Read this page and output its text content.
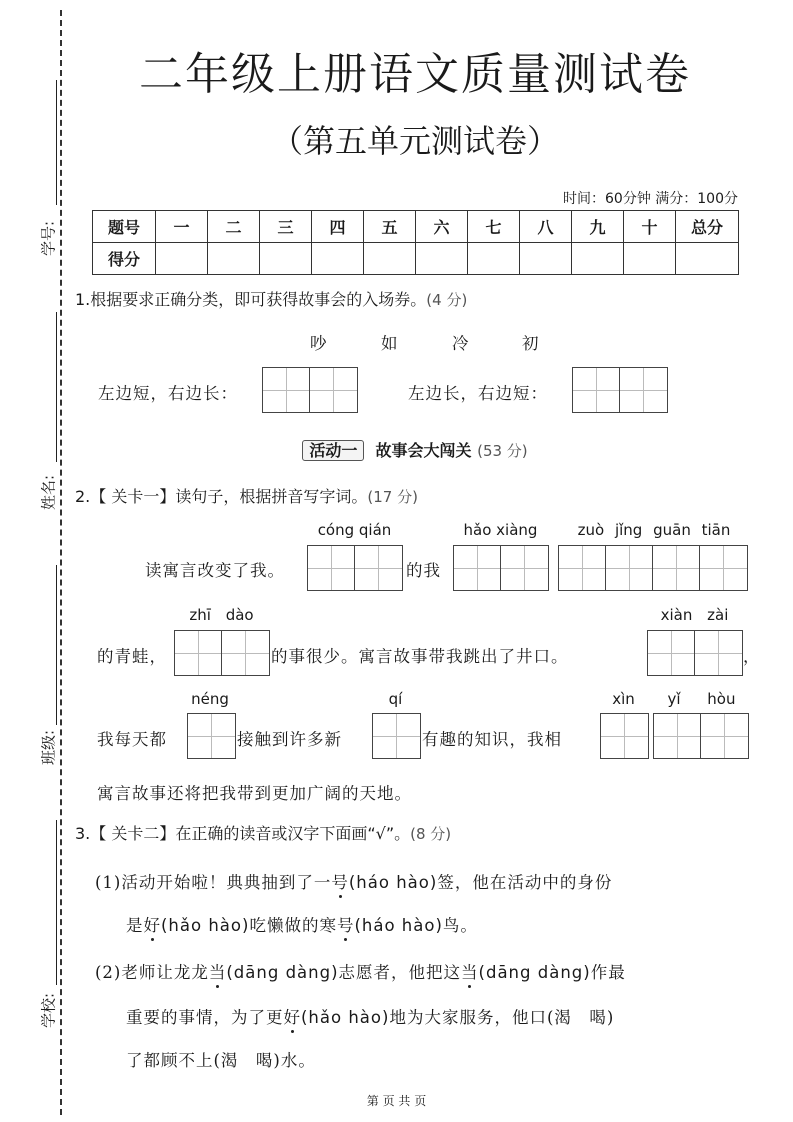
学号:
姓名:
班级:
学校:
二年级上册语文质量测试卷
（第五单元测试卷）
时间：60分钟 满分：100分
题号	一	二	三	四	五	六	七	八	九	十	总分
得分											
1.根据要求正确分类，即可获得故事会的入场券。(4 分)
吵	如	冷	初
左边短，右边长：	左边长，右边短：
活动一 故事会大闯关 (53 分)
2.【 关卡一】读句子，根据拼音写字词。(17 分)
cóng qián	hǎo xiàng	zuò jǐng guān tiān
读寓言改变了我。	的我
zhī dào	xiàn zài
的青蛙，	的事很少。寓言故事带我跳出了井口。	，
néng	qí	xìn	yǐ hòu
我每天都	接触到许多新	有趣的知识，我相
寓言故事还将把我带到更加广阔的天地。
3.【 关卡二】在正确的读音或汉字下面画“√”。(8 分)
(1)活动开始啦！典典抽到了一号(háo hào)签，他在活动中的身份
是好(hǎo hào)吃懒做的寒号(háo hào)鸟。
(2)老师让龙龙当(dāng dàng)志愿者，他把这当(dāng dàng)作最
重要的事情，为了更好(hǎo hào)地为大家服务，他口(渴　喝)
了都顾不上(渴　喝)水。
第 页 共 页
